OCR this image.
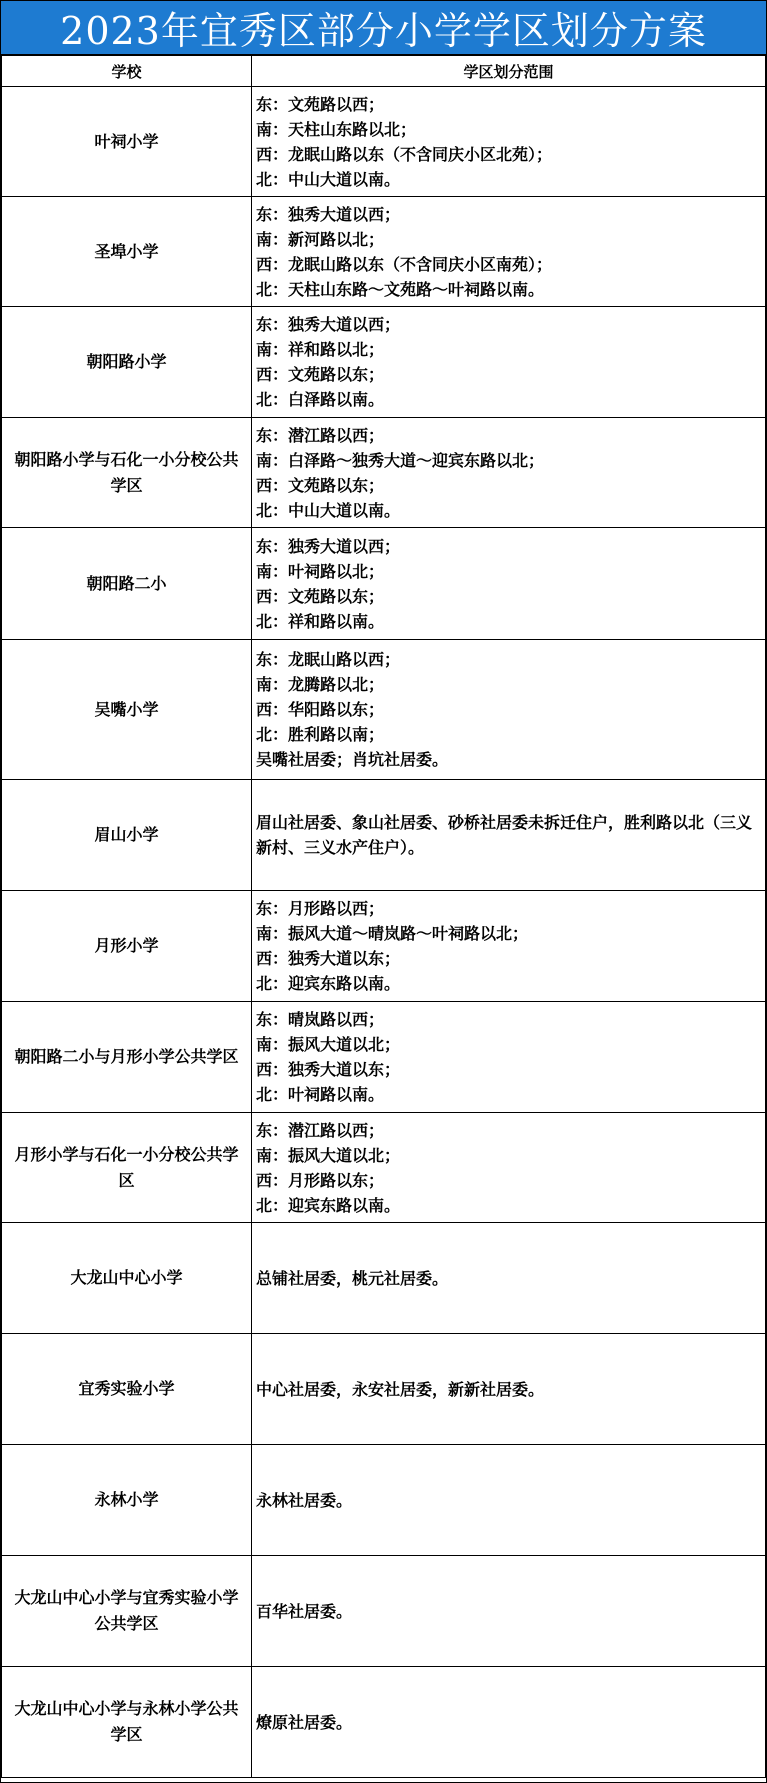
2023年宜秀区部分小学学区划分方案
学校	学区划分范围
叶祠小学	东：文苑路以西；
南：天柱山东路以北；
西：龙眠山路以东（不含同庆小区北苑）；
北：中山大道以南。

圣埠小学	东：独秀大道以西；
南：新河路以北；
西：龙眠山路以东（不含同庆小区南苑）；
北：天柱山东路～文苑路～叶祠路以南。

朝阳路小学	东：独秀大道以西；
南：祥和路以北；
西：文苑路以东；
北：白泽路以南。

朝阳路小学与石化一小分校公共学区	东：潜江路以西；
南：白泽路～独秀大道～迎宾东路以北；
西：文苑路以东；
北：中山大道以南。

朝阳路二小	东：独秀大道以西；
南：叶祠路以北；
西：文苑路以东；
北：祥和路以南。

吴嘴小学	东：龙眠山路以西；
南：龙腾路以北；
西：华阳路以东；
北：胜利路以南；
吴嘴社居委；肖坑社居委。

眉山小学	眉山社居委、象山社居委、砂桥社居委未拆迁住户，胜利路以北（三义新村、三义水产住户）。

月形小学	东：月形路以西；
南：振风大道～晴岚路～叶祠路以北；
西：独秀大道以东；
北：迎宾东路以南。

朝阳路二小与月形小学公共学区	东：晴岚路以西；
南：振风大道以北；
西：独秀大道以东；
北：叶祠路以南。

月形小学与石化一小分校公共学区	东：潜江路以西；
南：振风大道以北；
西：月形路以东；
北：迎宾东路以南。

大龙山中心小学	总铺社居委，桃元社居委。

宜秀实验小学	中心社居委，永安社居委，新新社居委。

永林小学	永林社居委。

大龙山中心小学与宜秀实验小学公共学区	百华社居委。

大龙山中心小学与永林小学公共学区	燎原社居委。
